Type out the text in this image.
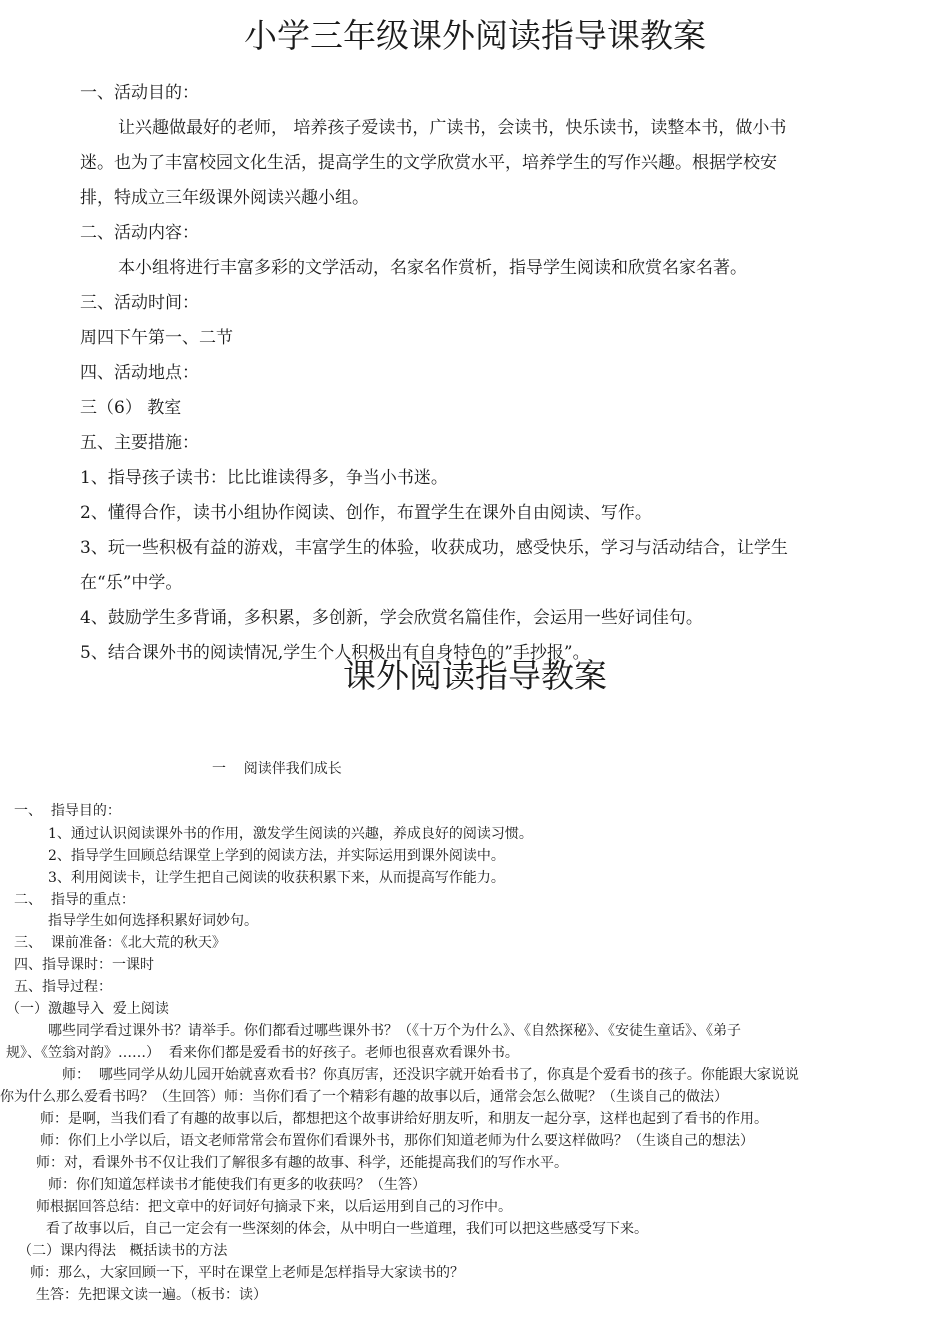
小学三年级课外阅读指导课教案
一、活动目的：
让兴趣做最好的老师， 培养孩子爱读书，广读书，会读书，快乐读书，读整本书，做小书
迷。也为了丰富校园文化生活，提高学生的文学欣赏水平，培养学生的写作兴趣。根据学校安
排，特成立三年级课外阅读兴趣小组。
二、活动内容：
本小组将进行丰富多彩的文学活动，名家名作赏析，指导学生阅读和欣赏名家名著。
三、活动时间：
周四下午第一、二节
四、活动地点：
三（6） 教室
五、主要措施：
1、指导孩子读书：比比谁读得多，争当小书迷。
2、懂得合作，读书小组协作阅读、创作，布置学生在课外自由阅读、写作。
3、玩一些积极有益的游戏，丰富学生的体验，收获成功，感受快乐，学习与活动结合，让学生
在“乐”中学。
4、鼓励学生多背诵，多积累，多创新，学会欣赏名篇佳作，会运用一些好词佳句。
5、结合课外书的阅读情况,学生个人积极出有自身特色的”手抄报”。
课外阅读指导教案
一    阅读伴我们成长
一、  指导目的：
1、通过认识阅读课外书的作用，激发学生阅读的兴趣，养成良好的阅读习惯。
2、指导学生回顾总结课堂上学到的阅读方法，并实际运用到课外阅读中。
3、利用阅读卡，让学生把自己阅读的收获积累下来，从而提高写作能力。
二、  指导的重点：
指导学生如何选择积累好词妙句。
三、  课前准备：《北大荒的秋天》
四、指导课时：一课时
五、指导过程：
（一）激趣导入  爱上阅读
哪些同学看过课外书？请举手。你们都看过哪些课外书？（《十万个为什么》、《自然探秘》、《安徒生童话》、《弟子
规》、《笠翁对韵》……）  看来你们都是爱看书的好孩子。老师也很喜欢看课外书。
师：  哪些同学从幼儿园开始就喜欢看书？你真厉害，还没识字就开始看书了，你真是个爱看书的孩子。你能跟大家说说
你为什么那么爱看书吗？（生回答）师：当你们看了一个精彩有趣的故事以后，通常会怎么做呢？（生谈自己的做法）
师：是啊，当我们看了有趣的故事以后，都想把这个故事讲给好朋友听，和朋友一起分享，这样也起到了看书的作用。
师：你们上小学以后，语文老师常常会布置你们看课外书，那你们知道老师为什么要这样做吗？（生谈自己的想法）
师：对，看课外书不仅让我们了解很多有趣的故事、科学，还能提高我们的写作水平。
师：你们知道怎样读书才能使我们有更多的收获吗？（生答）
师根据回答总结：把文章中的好词好句摘录下来，以后运用到自己的习作中。
看了故事以后，自己一定会有一些深刻的体会，从中明白一些道理，我们可以把这些感受写下来。
（二）课内得法   概括读书的方法
师：那么，大家回顾一下，平时在课堂上老师是怎样指导大家读书的？
生答：先把课文读一遍。（板书：读）
